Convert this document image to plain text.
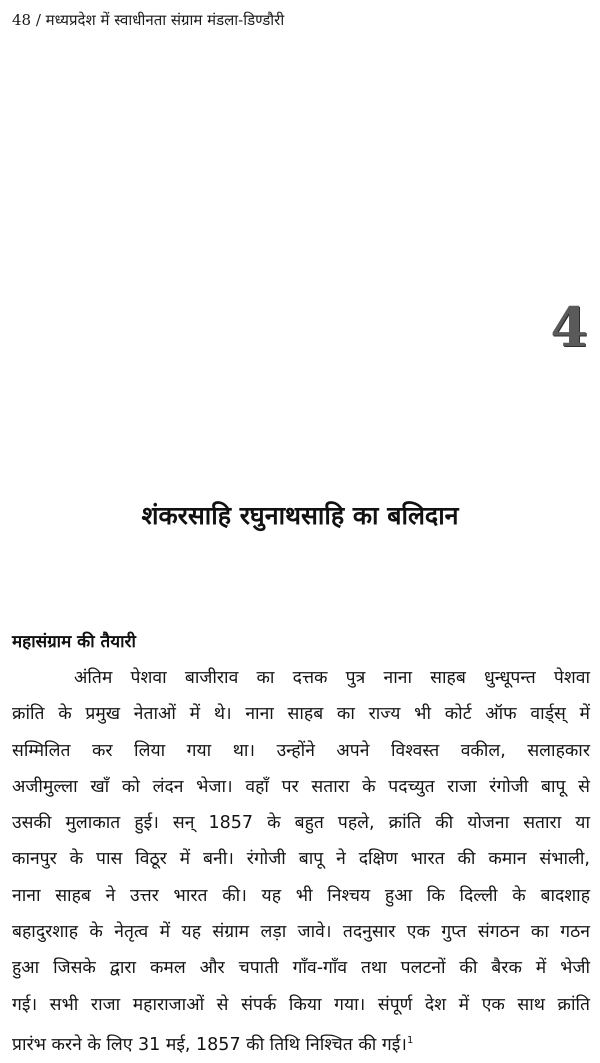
48 / मध्यप्रदेश में स्वाधीनता संग्राम मंडला-डिण्डौरी
4
शंकरसाहि रघुनाथसाहि का बलिदान
महासंग्राम की तैयारी
अंतिम पेशवा बाजीराव का दत्तक पुत्र नाना साहब धुन्धूपन्त पेशवा
क्रांति के प्रमुख नेताओं में थे। नाना साहब का राज्य भी कोर्ट ऑफ वार्ड्स् में
सम्मिलित कर लिया गया था। उन्होंने अपने विश्वस्त वकील, सलाहकार
अजीमुल्ला खाँ को लंदन भेजा। वहाँ पर सतारा के पदच्युत राजा रंगोजी बापू से
उसकी मुलाकात हुई। सन् 1857 के बहुत पहले, क्रांति की योजना सतारा या
कानपुर के पास विठूर में बनी। रंगोजी बापू ने दक्षिण भारत की कमान संभाली,
नाना साहब ने उत्तर भारत की। यह भी निश्चय हुआ कि दिल्ली के बादशाह
बहादुरशाह के नेतृत्व में यह संग्राम लड़ा जावे। तदनुसार एक गुप्त संगठन का गठन
हुआ जिसके द्वारा कमल और चपाती गाँव-गाँव तथा पलटनों की बैरक में भेजी
गई। सभी राजा महाराजाओं से संपर्क किया गया। संपूर्ण देश में एक साथ क्रांति
प्रारंभ करने के लिए 31 मई, 1857 की तिथि निश्चित की गई।$^1$
